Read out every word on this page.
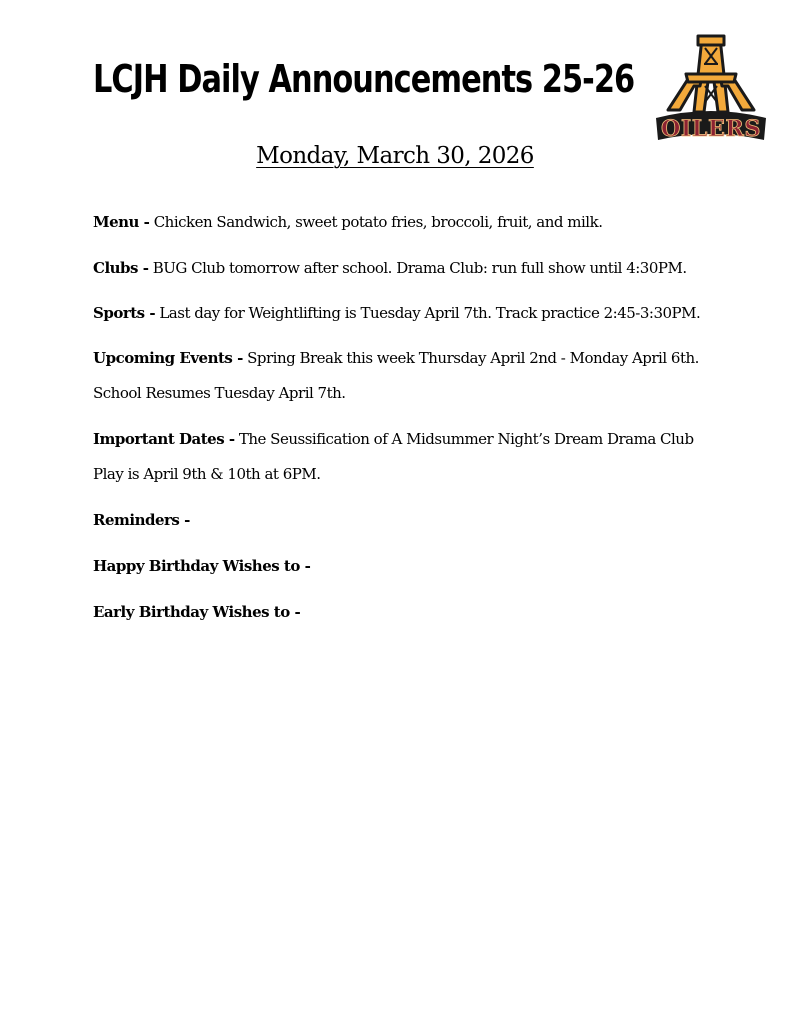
LCJH Daily Announcements 25-26
OILERS
Monday, March 30, 2026

Menu - Chicken Sandwich, sweet potato fries, broccoli, fruit, and milk.

Clubs - BUG Club tomorrow after school. Drama Club: run full show until 4:30PM.

Sports - Last day for Weightlifting is Tuesday April 7th. Track practice 2:45-3:30PM.

Upcoming Events - Spring Break this week Thursday April 2nd - Monday April 6th.
School Resumes Tuesday April 7th.

Important Dates - The Seussification of A Midsummer Night’s Dream Drama Club
Play is April 9th & 10th at 6PM.

Reminders -

Happy Birthday Wishes to -

Early Birthday Wishes to -
